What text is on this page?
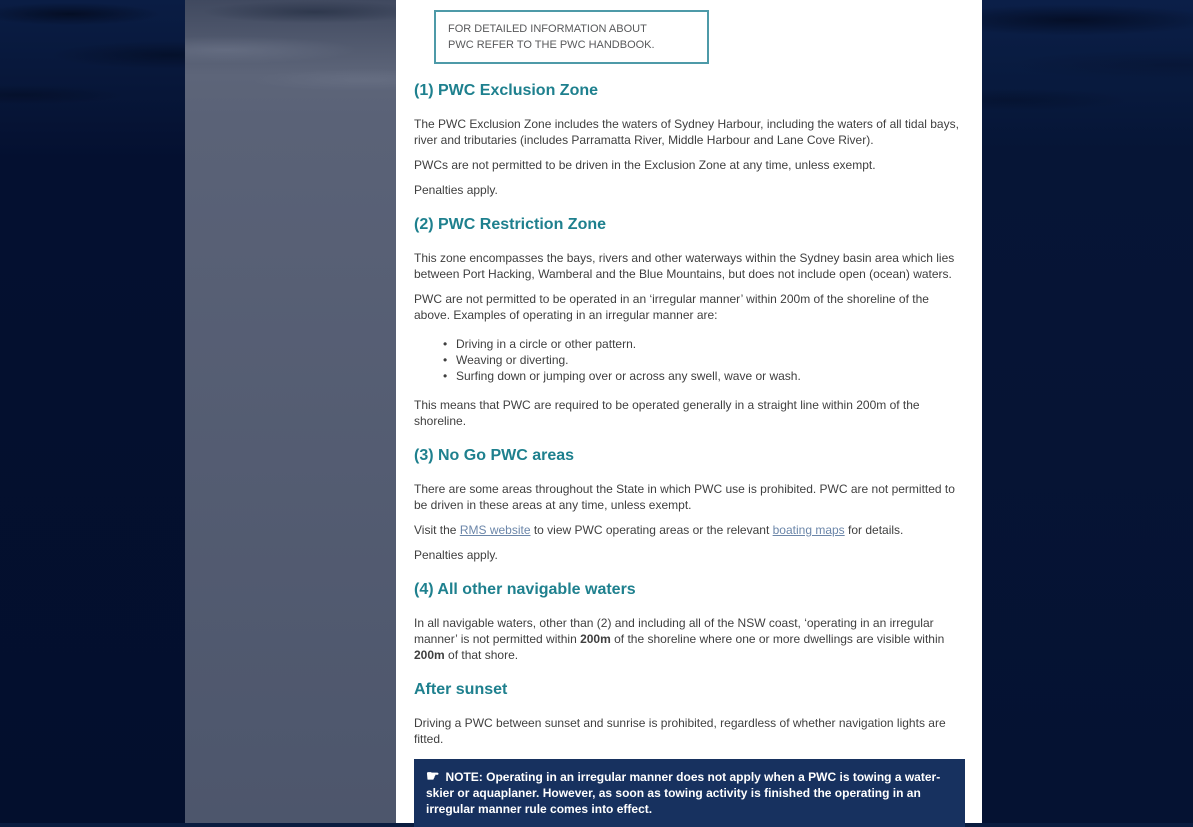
FOR DETAILED INFORMATION ABOUT
PWC REFER TO THE PWC HANDBOOK.
(1) PWC Exclusion Zone

The PWC Exclusion Zone includes the waters of Sydney Harbour, including the waters of all tidal bays, river and tributaries (includes Parramatta River, Middle Harbour and Lane Cove River).

PWCs are not permitted to be driven in the Exclusion Zone at any time, unless exempt.

Penalties apply.

(2) PWC Restriction Zone

This zone encompasses the bays, rivers and other waterways within the Sydney basin area which lies between Port Hacking, Wamberal and the Blue Mountains, but does not include open (ocean) waters.

PWC are not permitted to be operated in an ‘irregular manner’ within 200m of the shoreline of the above. Examples of operating in an irregular manner are:

• Driving in a circle or other pattern.
• Weaving or diverting.
• Surfing down or jumping over or across any swell, wave or wash.

This means that PWC are required to be operated generally in a straight line within 200m of the shoreline.

(3) No Go PWC areas

There are some areas throughout the State in which PWC use is prohibited. PWC are not permitted to be driven in these areas at any time, unless exempt.

Visit the RMS website to view PWC operating areas or the relevant boating maps for details.

Penalties apply.

(4) All other navigable waters

In all navigable waters, other than (2) and including all of the NSW coast, ‘operating in an irregular manner’ is not permitted within 200m of the shoreline where one or more dwellings are visible within 200m of that shore.

After sunset

Driving a PWC between sunset and sunrise is prohibited, regardless of whether navigation lights are fitted.

☛ NOTE: Operating in an irregular manner does not apply when a PWC is towing a water-skier or aquaplaner. However, as soon as towing activity is finished the operating in an irregular manner rule comes into effect.
